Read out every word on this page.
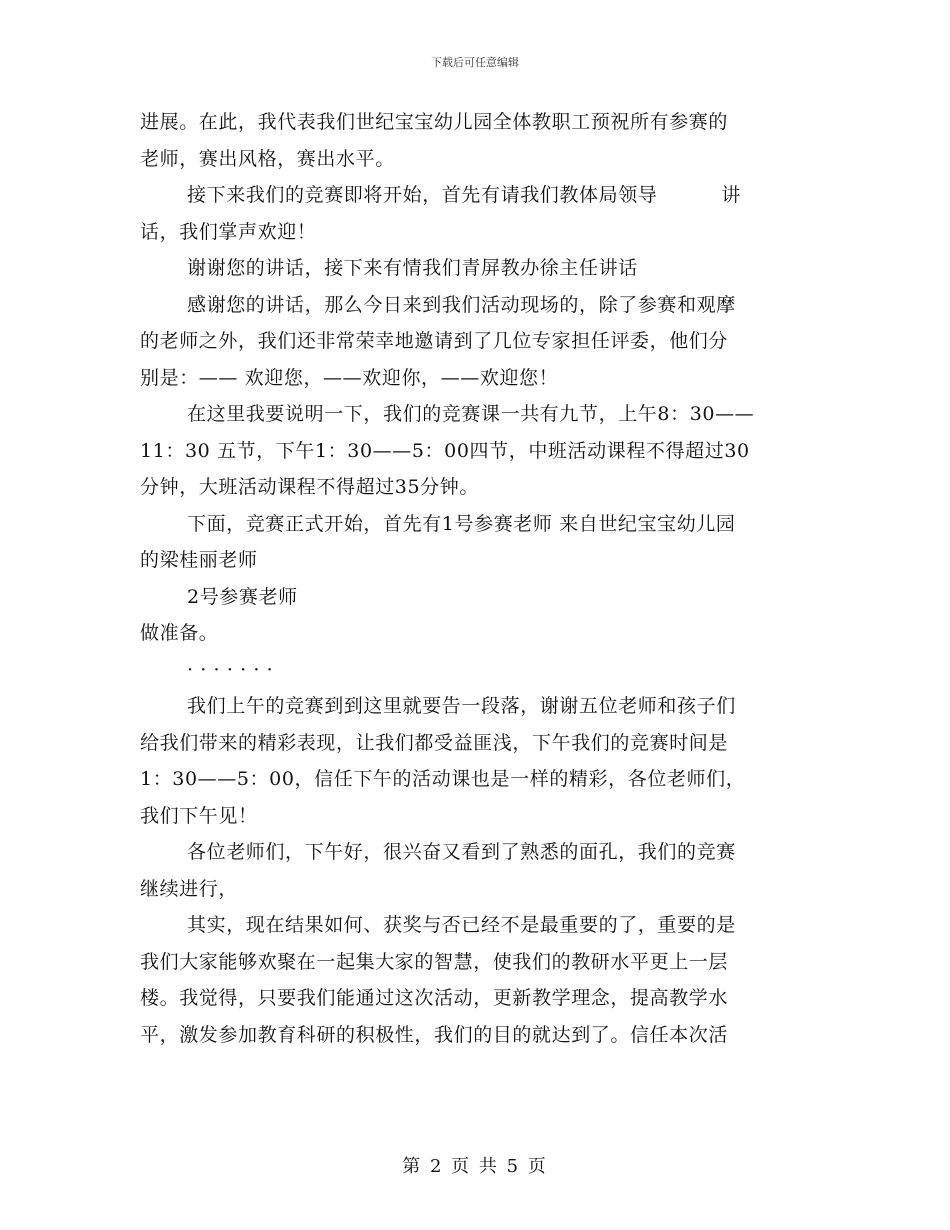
下载后可任意编辑
进展。在此，我代表我们世纪宝宝幼儿园全体教职工预祝所有参赛的
老师，赛出风格，赛出水平。
接下来我们的竞赛即将开始，首先有请我们教体局领导	讲
话，我们掌声欢迎！
谢谢您的讲话，接下来有情我们青屏教办徐主任讲话
感谢您的讲话，那么今日来到我们活动现场的，除了参赛和观摩
的老师之外，我们还非常荣幸地邀请到了几位专家担任评委，他们分
别是：—— 欢迎您，——欢迎你，——欢迎您！
在这里我要说明一下，我们的竞赛课一共有九节，上午8：30——
11：30 五节，下午1：30——5：00四节，中班活动课程不得超过30
分钟，大班活动课程不得超过35分钟。
下面，竞赛正式开始，首先有1号参赛老师 来自世纪宝宝幼儿园
的梁桂丽老师
2号参赛老师
做准备。
· · · · · · ·
我们上午的竞赛到到这里就要告一段落，谢谢五位老师和孩子们
给我们带来的精彩表现，让我们都受益匪浅，下午我们的竞赛时间是
1：30——5：00，信任下午的活动课也是一样的精彩，各位老师们，
我们下午见！
各位老师们，下午好，很兴奋又看到了熟悉的面孔，我们的竞赛
继续进行，
其实，现在结果如何、获奖与否已经不是最重要的了，重要的是
我们大家能够欢聚在一起集大家的智慧，使我们的教研水平更上一层
楼。我觉得，只要我们能通过这次活动，更新教学理念，提高教学水
平，激发参加教育科研的积极性，我们的目的就达到了。信任本次活
第 2 页 共 5 页
